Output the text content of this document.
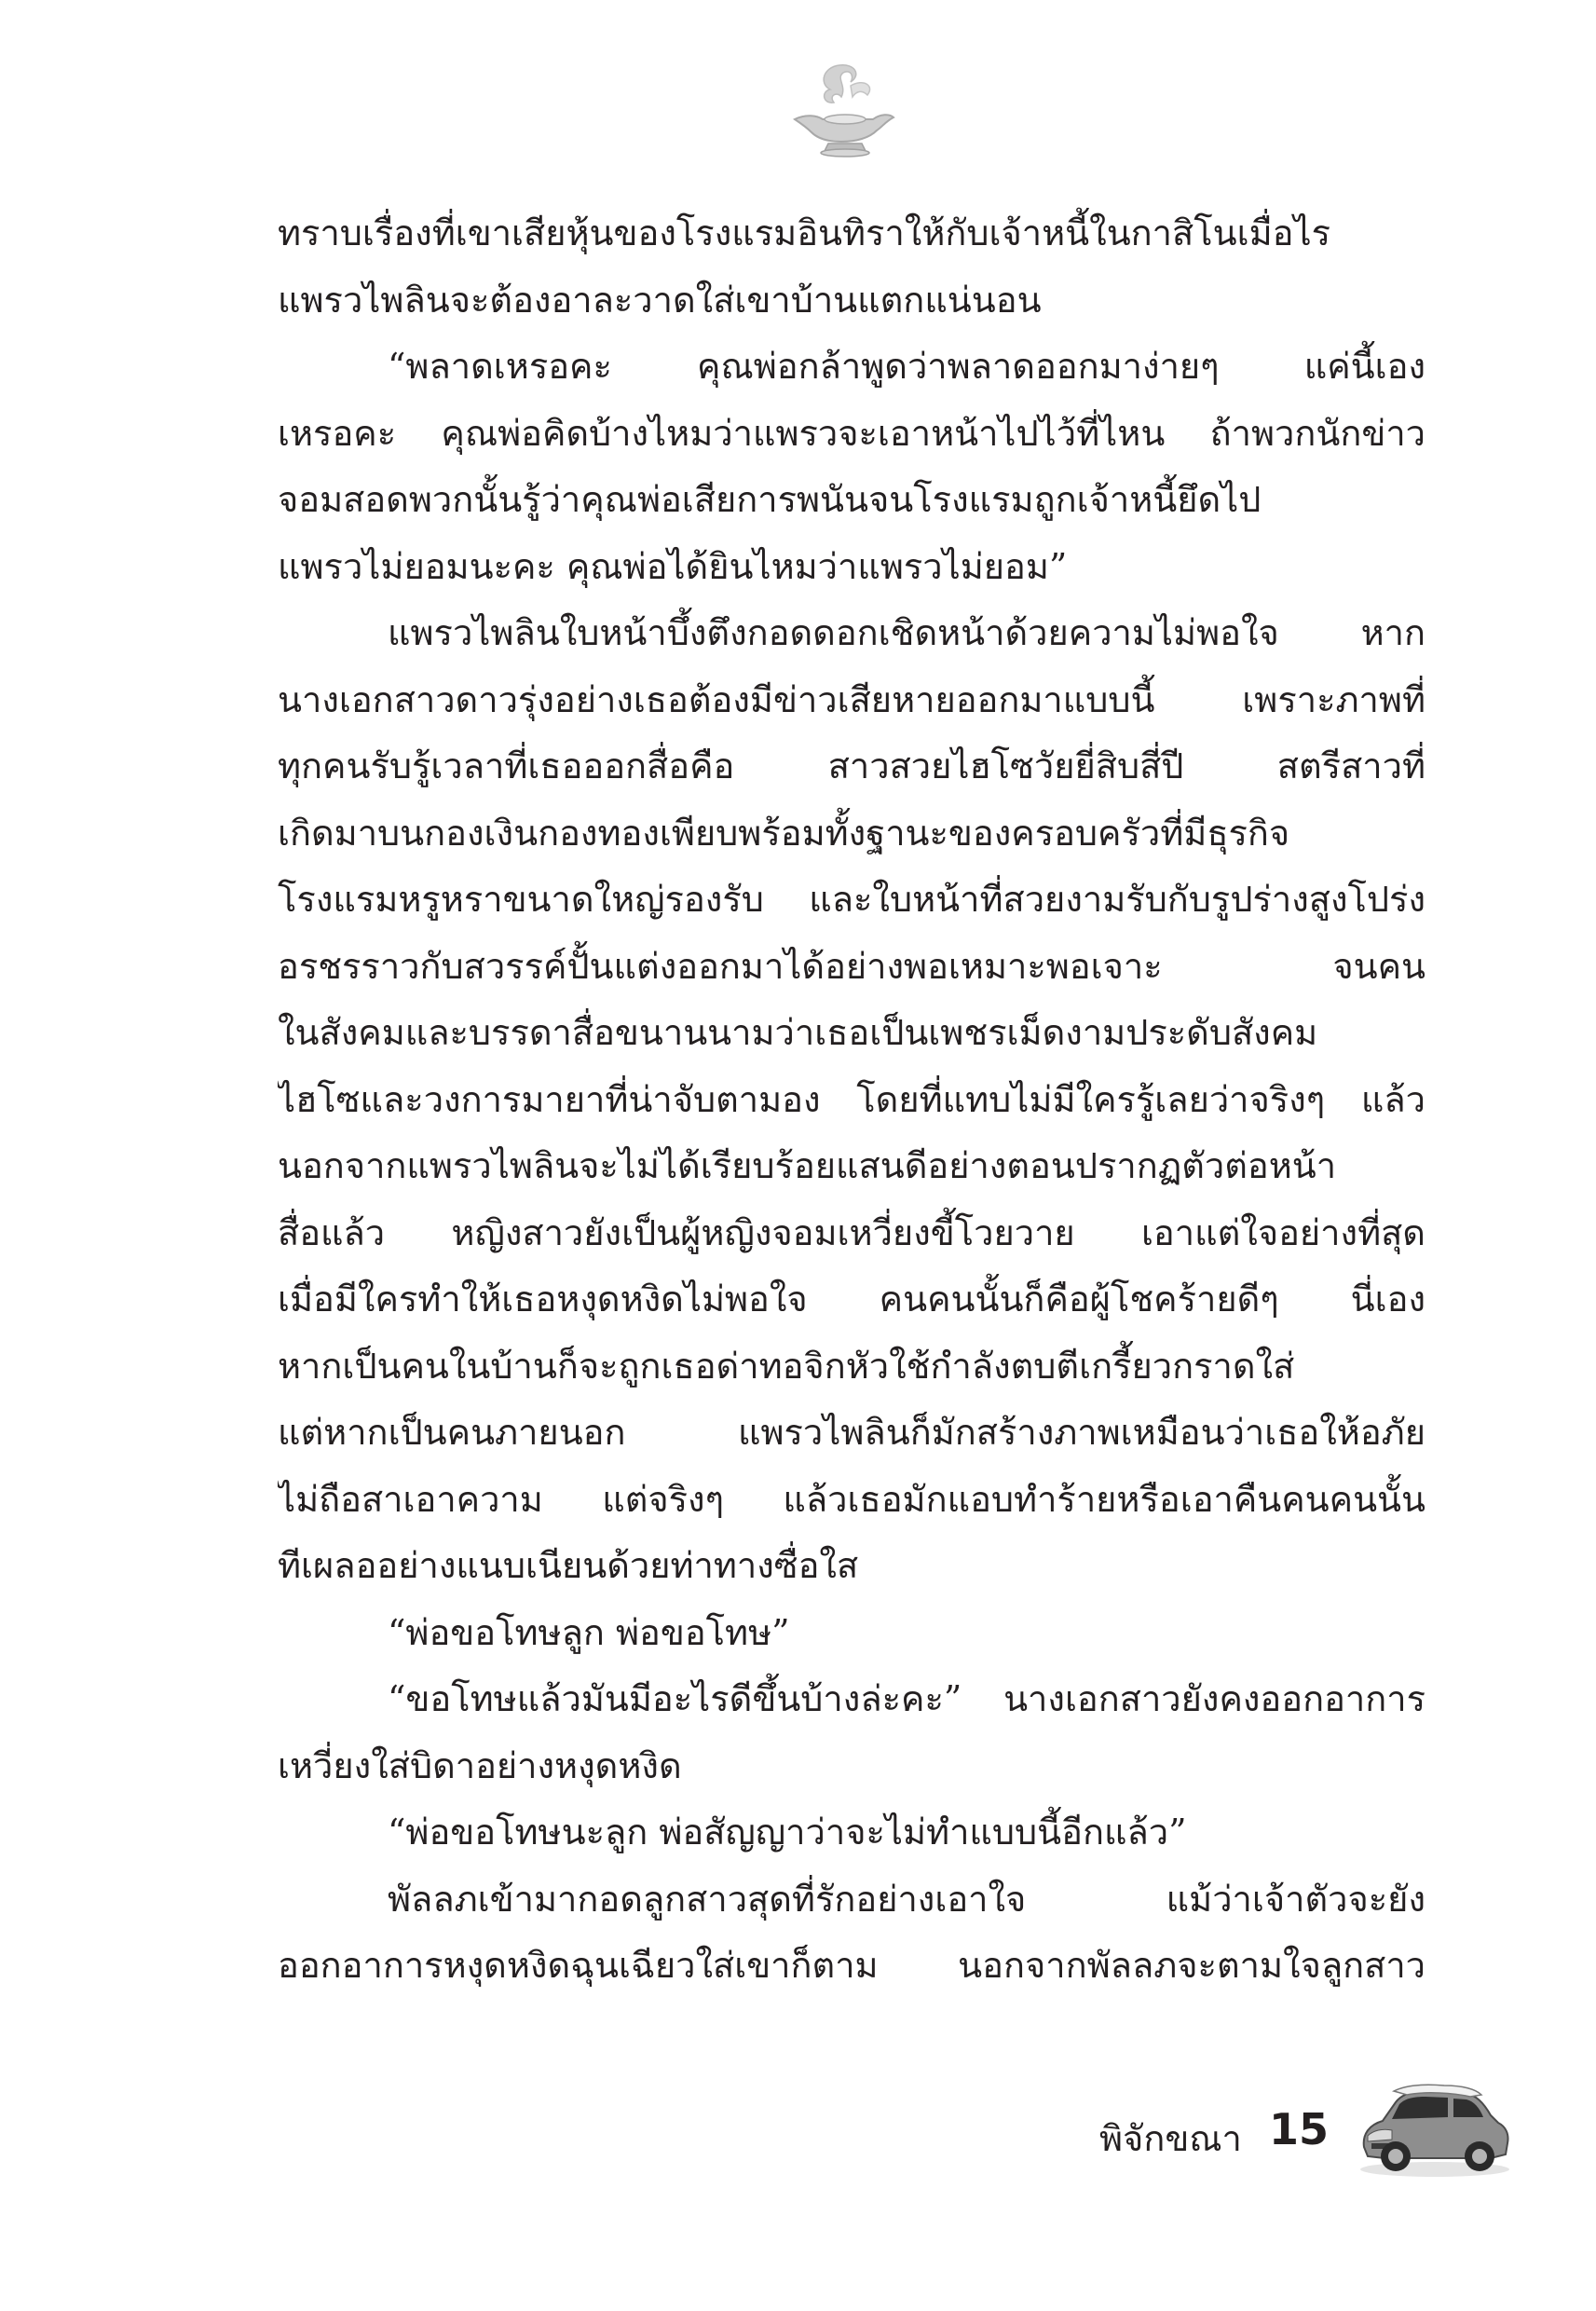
ทราบเรื่องที่เขาเสียหุ้นของโรงแรมอินทิราให้กับเจ้าหนี้ในกาสิโนเมื่อไร
แพรวไพลินจะต้องอาละวาดใส่เขาบ้านแตกแน่นอน
“พลาดเหรอคะ คุณพ่อกล้าพูดว่าพลาดออกมาง่ายๆ แค่นี้เอง
เหรอคะ คุณพ่อคิดบ้างไหมว่าแพรวจะเอาหน้าไปไว้ที่ไหน ถ้าพวกนักข่าว
จอมสอดพวกนั้นรู้ว่าคุณพ่อเสียการพนันจนโรงแรมถูกเจ้าหนี้ยึดไป
แพรวไม่ยอมนะคะ คุณพ่อได้ยินไหมว่าแพรวไม่ยอม”
แพรวไพลินใบหน้าบึ้งตึงกอดดอกเชิดหน้าด้วยความไม่พอใจ หาก
นางเอกสาวดาวรุ่งอย่างเธอต้องมีข่าวเสียหายออกมาแบบนี้ เพราะภาพที่
ทุกคนรับรู้เวลาที่เธอออกสื่อคือ สาวสวยไฮโซวัยยี่สิบสี่ปี สตรีสาวที่
เกิดมาบนกองเงินกองทองเพียบพร้อมทั้งฐานะของครอบครัวที่มีธุรกิจ
โรงแรมหรูหราขนาดใหญ่รองรับ และใบหน้าที่สวยงามรับกับรูปร่างสูงโปร่ง
อรชรราวกับสวรรค์ปั้นแต่งออกมาได้อย่างพอเหมาะพอเจาะ จนคน
ในสังคมและบรรดาสื่อขนานนามว่าเธอเป็นเพชรเม็ดงามประดับสังคม
ไฮโซและวงการมายาที่น่าจับตามอง โดยที่แทบไม่มีใครรู้เลยว่าจริงๆ แล้ว
นอกจากแพรวไพลินจะไม่ได้เรียบร้อยแสนดีอย่างตอนปรากฏตัวต่อหน้า
สื่อแล้ว หญิงสาวยังเป็นผู้หญิงจอมเหวี่ยงขี้โวยวาย เอาแต่ใจอย่างที่สุด
เมื่อมีใครทำให้เธอหงุดหงิดไม่พอใจ คนคนนั้นก็คือผู้โชคร้ายดีๆ นี่เอง
หากเป็นคนในบ้านก็จะถูกเธอด่าทอจิกหัวใช้กำลังตบตีเกรี้ยวกราดใส่
แต่หากเป็นคนภายนอก แพรวไพลินก็มักสร้างภาพเหมือนว่าเธอให้อภัย
ไม่ถือสาเอาความ แต่จริงๆ แล้วเธอมักแอบทำร้ายหรือเอาคืนคนคนนั้น
ทีเผลออย่างแนบเนียนด้วยท่าทางซื่อใส
“พ่อขอโทษลูก พ่อขอโทษ”
“ขอโทษแล้วมันมีอะไรดีขึ้นบ้างล่ะคะ” นางเอกสาวยังคงออกอาการ
เหวี่ยงใส่บิดาอย่างหงุดหงิด
“พ่อขอโทษนะลูก พ่อสัญญาว่าจะไม่ทำแบบนี้อีกแล้ว”
พัลลภเข้ามากอดลูกสาวสุดที่รักอย่างเอาใจ แม้ว่าเจ้าตัวจะยัง
ออกอาการหงุดหงิดฉุนเฉียวใส่เขาก็ตาม นอกจากพัลลภจะตามใจลูกสาว
พิจักขณา 15
